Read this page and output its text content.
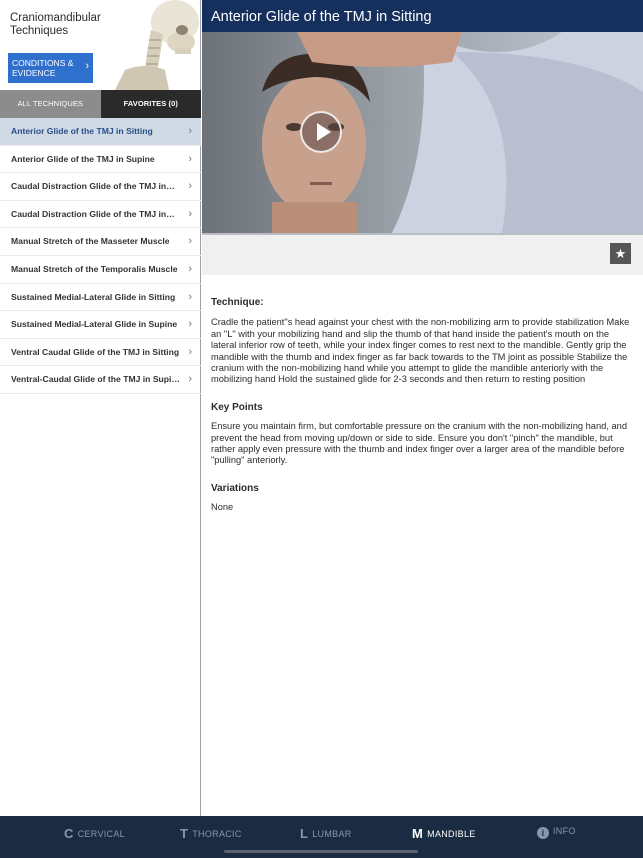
Craniomandibular Techniques
CONDITIONS & EVIDENCE
›
ALL TECHNIQUES	FAVORITES (0)
Anterior Glide of the TMJ in Sitting	›
Anterior Glide of the TMJ in Supine	›
Caudal Distraction Glide of the TMJ in… ›
Caudal Distraction Glide of the TMJ in… ›
Manual Stretch of the Masseter Muscle ›
Manual Stretch of the Temporalis Muscle ›
Sustained Medial-Lateral Glide in Sitting ›
Sustained Medial-Lateral Glide in Supine ›
Ventral Caudal Glide of the TMJ in Sitting ›
Ventral-Caudal Glide of the TMJ in Supi… ›
Anterior Glide of the TMJ in Sitting
★
Technique:

Cradle the patient"s head against your chest with the non-mobilizing arm to provide stabilization Make an "L" with your mobilizing hand and slip the thumb of that hand inside the patient's mouth on the lateral inferior row of teeth, while your index finger comes to rest next to the mandible. Gently grip the mandible with the thumb and index finger as far back towards to the TM joint as possible Stabilize the cranium with the non-mobilizing hand while you attempt to glide the mandible anteriorly with the mobilizing hand Hold the sustained glide for 2-3 seconds and then return to resting position

Key Points

Ensure you maintain firm, but comfortable pressure on the cranium with the non-mobilizing hand, and prevent the head from moving up/down or side to side. Ensure you don't "pinch" the mandible, but rather apply even pressure with the thumb and index finger over a larger area of the mandible before "pulling" anteriorly.

Variations

None

C CERVICAL	T THORACIC	L LUMBAR	M MANDIBLE	i INFO
